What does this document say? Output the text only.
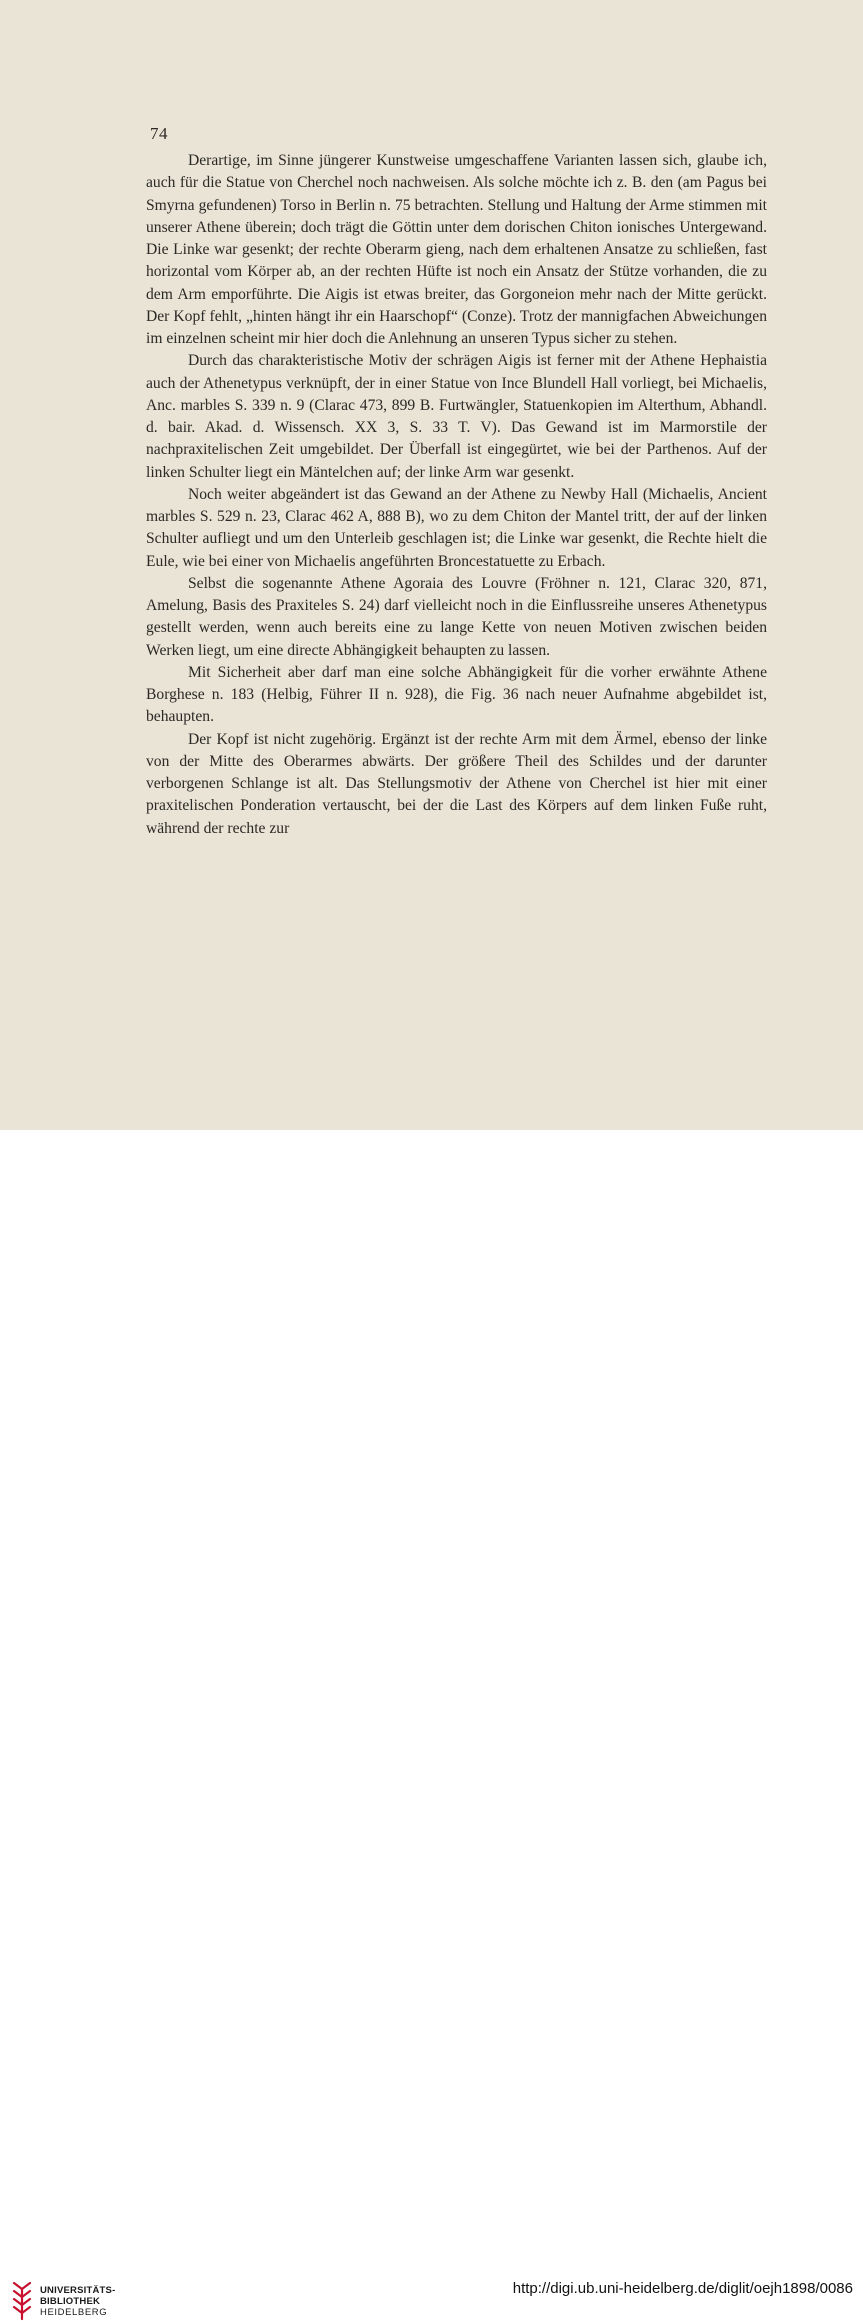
74

Derartige, im Sinne jüngerer Kunstweise umgeschaffene Varianten lassen sich, glaube ich, auch für die Statue von Cherchel noch nachweisen. Als solche möchte ich z. B. den (am Pagus bei Smyrna gefundenen) Torso in Berlin n. 75 betrachten. Stellung und Haltung der Arme stimmen mit unserer Athene überein; doch trägt die Göttin unter dem dorischen Chiton ionisches Untergewand. Die Linke war gesenkt; der rechte Oberarm gieng, nach dem erhaltenen Ansatze zu schließen, fast horizontal vom Körper ab, an der rechten Hüfte ist noch ein Ansatz der Stütze vorhanden, die zu dem Arm emporführte. Die Aigis ist etwas breiter, das Gorgoneion mehr nach der Mitte gerückt. Der Kopf fehlt, „hinten hängt ihr ein Haarschopf“ (Conze). Trotz der mannigfachen Abweichungen im einzelnen scheint mir hier doch die Anlehnung an unseren Typus sicher zu stehen.

Durch das charakteristische Motiv der schrägen Aigis ist ferner mit der Athene Hephaistia auch der Athenetypus verknüpft, der in einer Statue von Ince Blundell Hall vorliegt, bei Michaelis, Anc. marbles S. 339 n. 9 (Clarac 473, 899 B. Furtwängler, Statuenkopien im Alterthum, Abhandl. d. bair. Akad. d. Wissensch. XX 3, S. 33 T. V). Das Gewand ist im Marmorstile der nachpraxitelischen Zeit umgebildet. Der Überfall ist eingegürtet, wie bei der Parthenos. Auf der linken Schulter liegt ein Mäntelchen auf; der linke Arm war gesenkt.

Noch weiter abgeändert ist das Gewand an der Athene zu Newby Hall (Michaelis, Ancient marbles S. 529 n. 23, Clarac 462 A, 888 B), wo zu dem Chiton der Mantel tritt, der auf der linken Schulter aufliegt und um den Unterleib geschlagen ist; die Linke war gesenkt, die Rechte hielt die Eule, wie bei einer von Michaelis angeführten Broncestatuette zu Erbach.

Selbst die sogenannte Athene Agoraia des Louvre (Fröhner n. 121, Clarac 320, 871, Amelung, Basis des Praxiteles S. 24) darf vielleicht noch in die Einflussreihe unseres Athenetypus gestellt werden, wenn auch bereits eine zu lange Kette von neuen Motiven zwischen beiden Werken liegt, um eine directe Abhängigkeit behaupten zu lassen.

Mit Sicherheit aber darf man eine solche Abhängigkeit für die vorher erwähnte Athene Borghese n. 183 (Helbig, Führer II n. 928), die Fig. 36 nach neuer Aufnahme abgebildet ist, behaupten.

Der Kopf ist nicht zugehörig. Ergänzt ist der rechte Arm mit dem Ärmel, ebenso der linke von der Mitte des Oberarmes abwärts. Der größere Theil des Schildes und der darunter verborgenen Schlange ist alt. Das Stellungsmotiv der Athene von Cherchel ist hier mit einer praxitelischen Ponderation vertauscht, bei der die Last des Körpers auf dem linken Fuße ruht, während der rechte zur

UNIVERSITÄTS-
BIBLIOTHEK
HEIDELBERG
http://digi.ub.uni-heidelberg.de/diglit/oejh1898/0086
